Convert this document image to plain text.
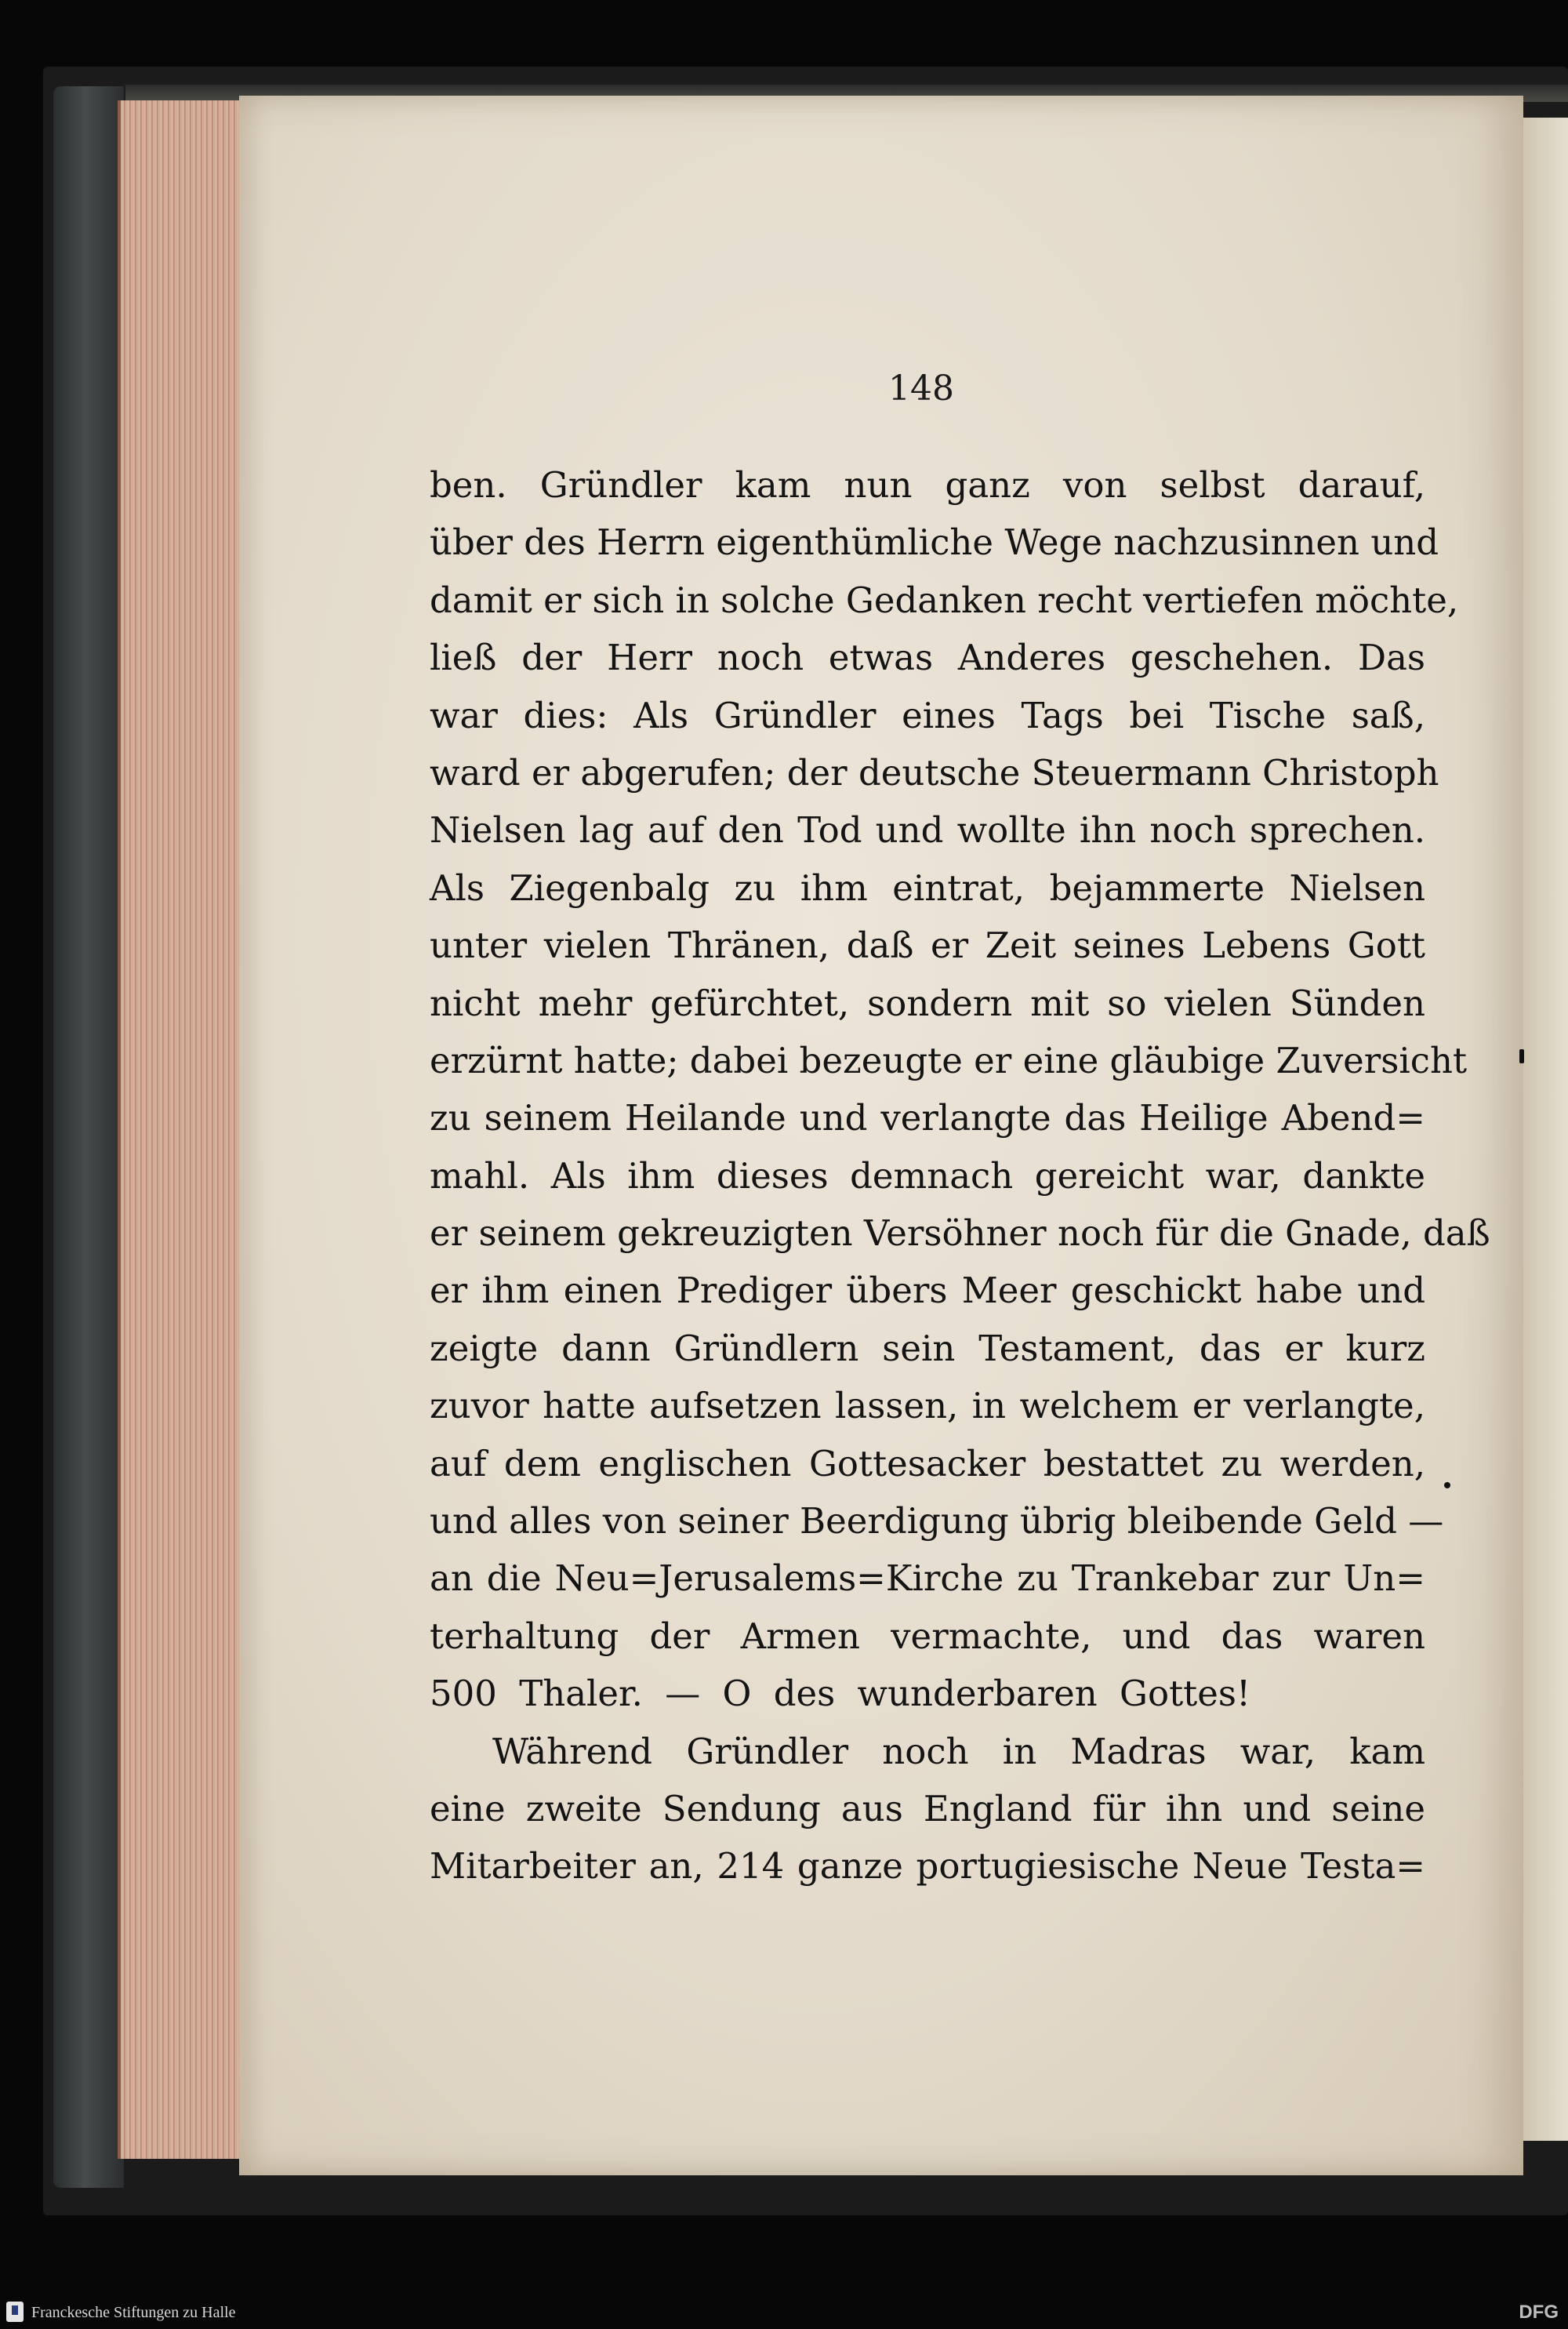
148
ben. Gründler kam nun ganz von selbst darauf,
über des Herrn eigenthümliche Wege nachzusinnen und
damit er sich in solche Gedanken recht vertiefen möchte,
ließ der Herr noch etwas Anderes geschehen. Das
war dies: Als Gründler eines Tags bei Tische saß,
ward er abgerufen; der deutsche Steuermann Christoph
Nielsen lag auf den Tod und wollte ihn noch sprechen.
Als Ziegenbalg zu ihm eintrat, bejammerte Nielsen
unter vielen Thränen, daß er Zeit seines Lebens Gott
nicht mehr gefürchtet, sondern mit so vielen Sünden
erzürnt hatte; dabei bezeugte er eine gläubige Zuversicht
zu seinem Heilande und verlangte das Heilige Abend=
mahl. Als ihm dieses demnach gereicht war, dankte
er seinem gekreuzigten Versöhner noch für die Gnade, daß
er ihm einen Prediger übers Meer geschickt habe und
zeigte dann Gründlern sein Testament, das er kurz
zuvor hatte aufsetzen lassen, in welchem er verlangte,
auf dem englischen Gottesacker bestattet zu werden,
und alles von seiner Beerdigung übrig bleibende Geld —
an die Neu=Jerusalems=Kirche zu Trankebar zur Un=
terhaltung der Armen vermachte, und das waren
500 Thaler. — O des wunderbaren Gottes!
Während Gründler noch in Madras war, kam
eine zweite Sendung aus England für ihn und seine
Mitarbeiter an, 214 ganze portugiesische Neue Testa=
Franckesche Stiftungen zu Halle	DFG
